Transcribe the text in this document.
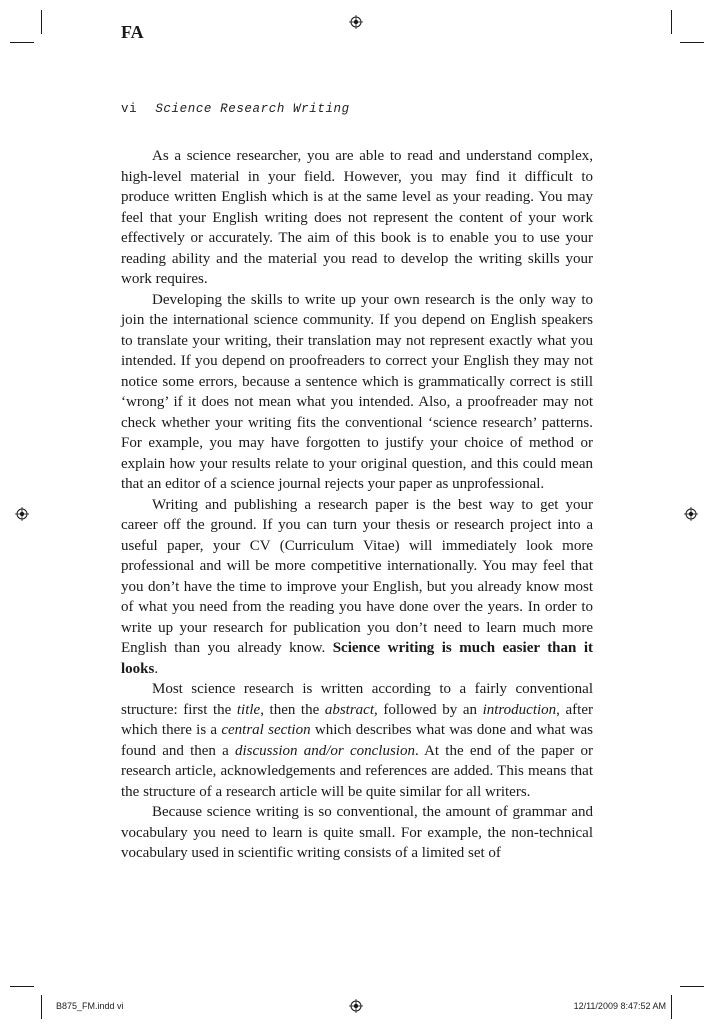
FA
vi Science Research Writing

As a science researcher, you are able to read and understand complex, high-level material in your field. However, you may find it difficult to produce written English which is at the same level as your reading. You may feel that your English writing does not represent the content of your work effectively or accurately. The aim of this book is to enable you to use your reading ability and the material you read to develop the writing skills your work requires.

Developing the skills to write up your own research is the only way to join the international science community. If you depend on English speakers to translate your writing, their translation may not represent exactly what you intended. If you depend on proofreaders to correct your English they may not notice some errors, because a sentence which is grammatically correct is still ‘wrong’ if it does not mean what you intended. Also, a proofreader may not check whether your writing fits the conventional ‘science research’ patterns. For example, you may have forgotten to justify your choice of method or explain how your results relate to your original question, and this could mean that an editor of a science journal rejects your paper as unprofessional.

Writing and publishing a research paper is the best way to get your career off the ground. If you can turn your thesis or research project into a useful paper, your CV (Curriculum Vitae) will immediately look more professional and will be more competitive internationally. You may feel that you don’t have the time to improve your English, but you already know most of what you need from the reading you have done over the years. In order to write up your research for publication you don’t need to learn much more English than you already know. Science writing is much easier than it looks.

Most science research is written according to a fairly conventional structure: first the title, then the abstract, followed by an introduction, after which there is a central section which describes what was done and what was found and then a discussion and/or conclusion. At the end of the paper or research article, acknowledgements and references are added. This means that the structure of a research article will be quite similar for all writers.

Because science writing is so conventional, the amount of grammar and vocabulary you need to learn is quite small. For example, the non-technical vocabulary used in scientific writing consists of a limited set of

B875_FM.indd vi	12/11/2009 8:47:52 AM
